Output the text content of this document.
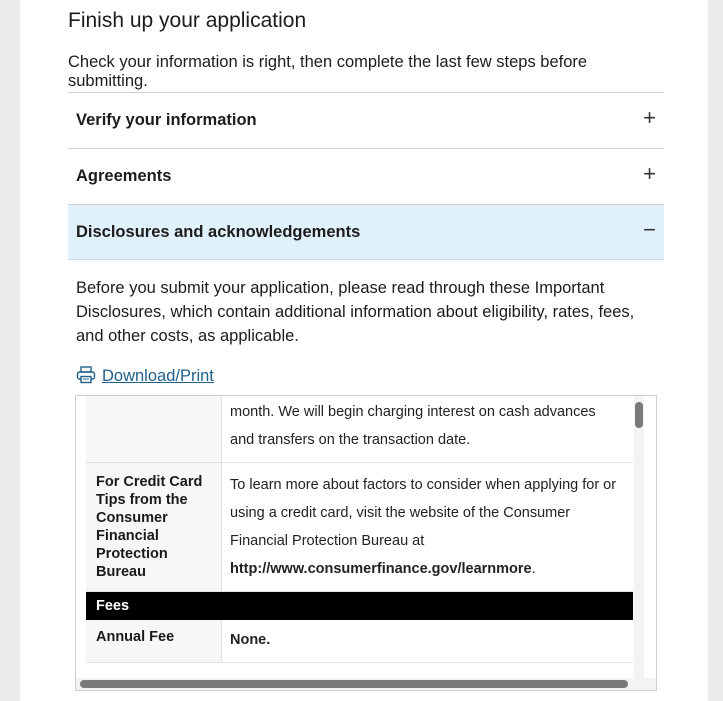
Finish up your application
Check your information is right, then complete the last few steps before submitting.
Verify your information	+
Agreements	+
Disclosures and acknowledgements	−
Before you submit your application, please read through these Important Disclosures, which contain additional information about eligibility, rates, fees, and other costs, as applicable.
Download/Print
	month. We will begin charging interest on cash advances and transfers on the transaction date.
For Credit Card Tips from the Consumer Financial Protection Bureau	To learn more about factors to consider when applying for or using a credit card, visit the website of the Consumer Financial Protection Bureau at http://www.consumerfinance.gov/learnmore.
Fees	
Annual Fee	None.
